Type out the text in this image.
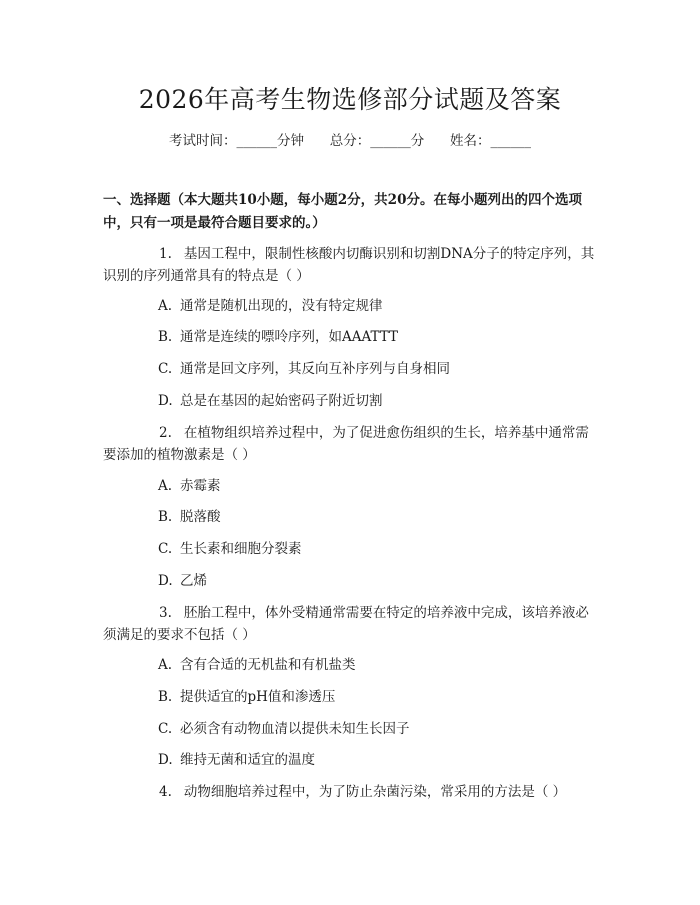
2026年高考生物选修部分试题及答案
考试时间：______分钟      总分：______分      姓名：______
一、选择题（本大题共10小题，每小题2分，共20分。在每小题列出的四个选项中，只有一项是最符合题目要求的。）
1. 基因工程中，限制性核酸内切酶识别和切割DNA分子的特定序列，其识别的序列通常具有的特点是（ ）
A. 通常是随机出现的，没有特定规律
B. 通常是连续的嘌呤序列，如AAATTT
C. 通常是回文序列，其反向互补序列与自身相同
D. 总是在基因的起始密码子附近切割
2. 在植物组织培养过程中，为了促进愈伤组织的生长，培养基中通常需要添加的植物激素是（ ）
A. 赤霉素
B. 脱落酸
C. 生长素和细胞分裂素
D. 乙烯
3. 胚胎工程中，体外受精通常需要在特定的培养液中完成，该培养液必须满足的要求不包括（ ）
A. 含有合适的无机盐和有机盐类
B. 提供适宜的pH值和渗透压
C. 必须含有动物血清以提供未知生长因子
D. 维持无菌和适宜的温度
4. 动物细胞培养过程中，为了防止杂菌污染，常采用的方法是（ ）
